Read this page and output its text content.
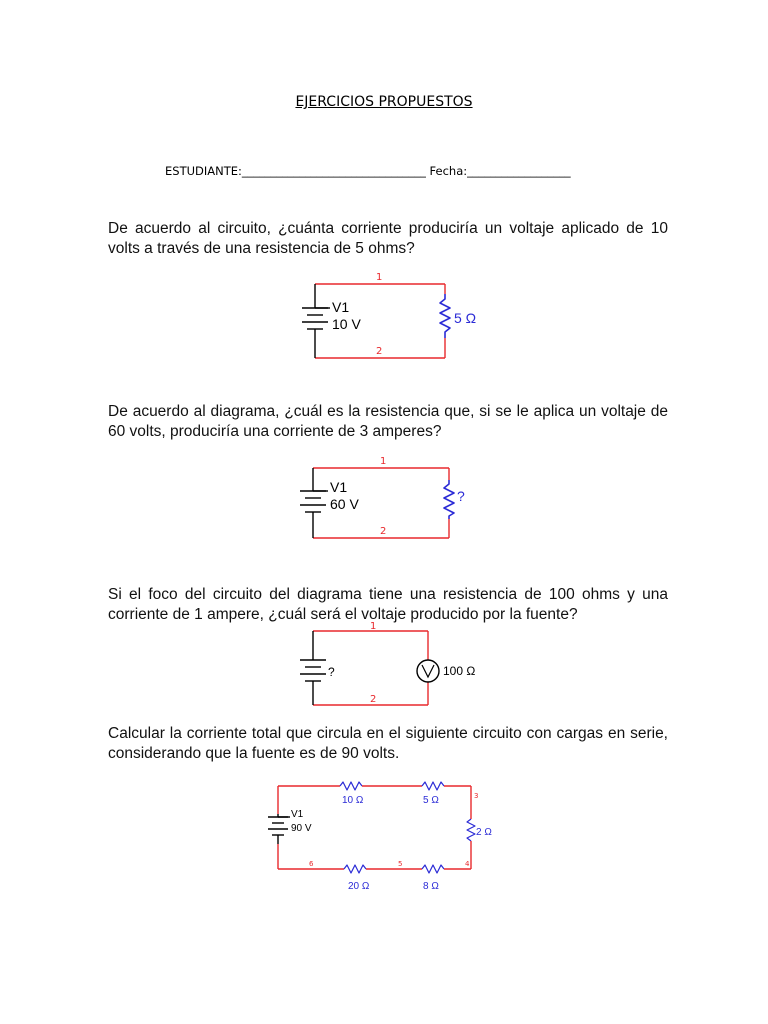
EJERCICIOS PROPUESTOS
ESTUDIANTE:________________________________ Fecha:__________________
De acuerdo al circuito, ¿cuánta corriente produciría un voltaje aplicado de 10 volts a través de una resistencia de 5 ohms?
1
2
V1
10 V	5 Ω
De acuerdo al diagrama, ¿cuál es la resistencia que, si se le aplica un voltaje de 60 volts, produciría una corriente de 3 amperes?
1
2
V1
60 V	?
Si el foco del circuito del diagrama tiene una resistencia de 100 ohms y una corriente de 1 ampere, ¿cuál será el voltaje producido por la fuente?
1
2
?	100 Ω
Calcular la corriente total que circula en el siguiente circuito con cargas en serie, considerando que la fuente es de 90 volts.
V1
90 V
10 Ω	5 Ω
2 Ω
20 Ω	8 Ω
3
4
5
6
